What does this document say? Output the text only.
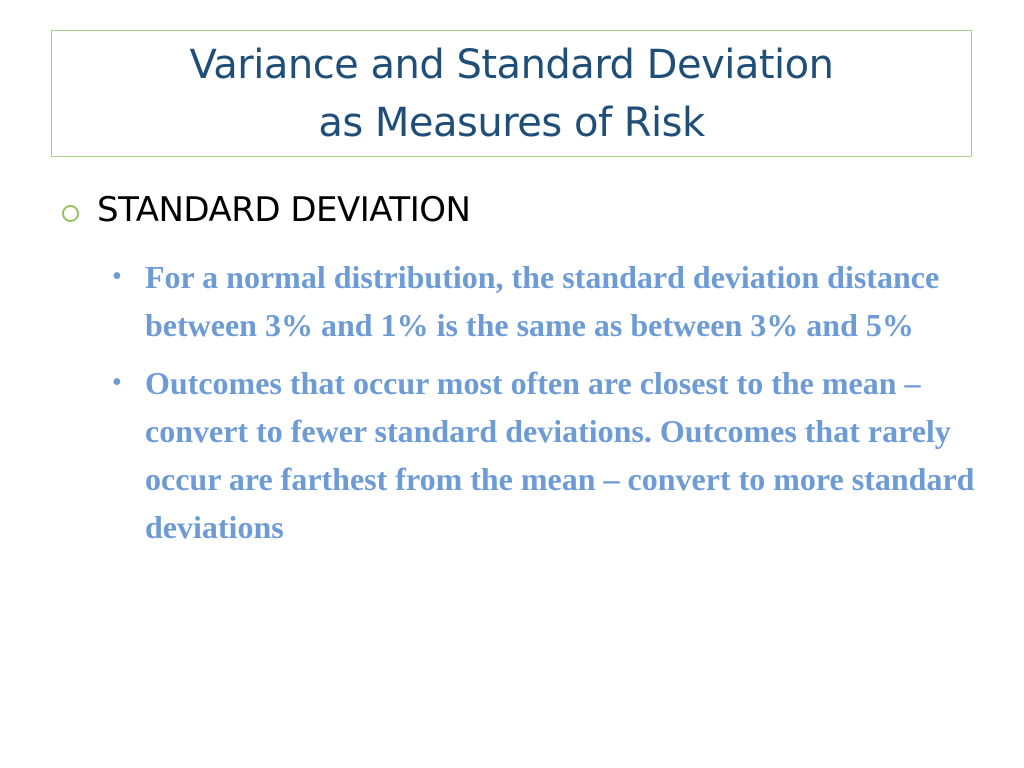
Variance and Standard Deviation
as Measures of Risk
STANDARD DEVIATION
• For a normal distribution, the standard deviation distance between 3% and 1% is the same as between 3% and 5%
• Outcomes that occur most often are closest to the mean – convert to fewer standard deviations. Outcomes that rarely occur are farthest from the mean – convert to more standard deviations
